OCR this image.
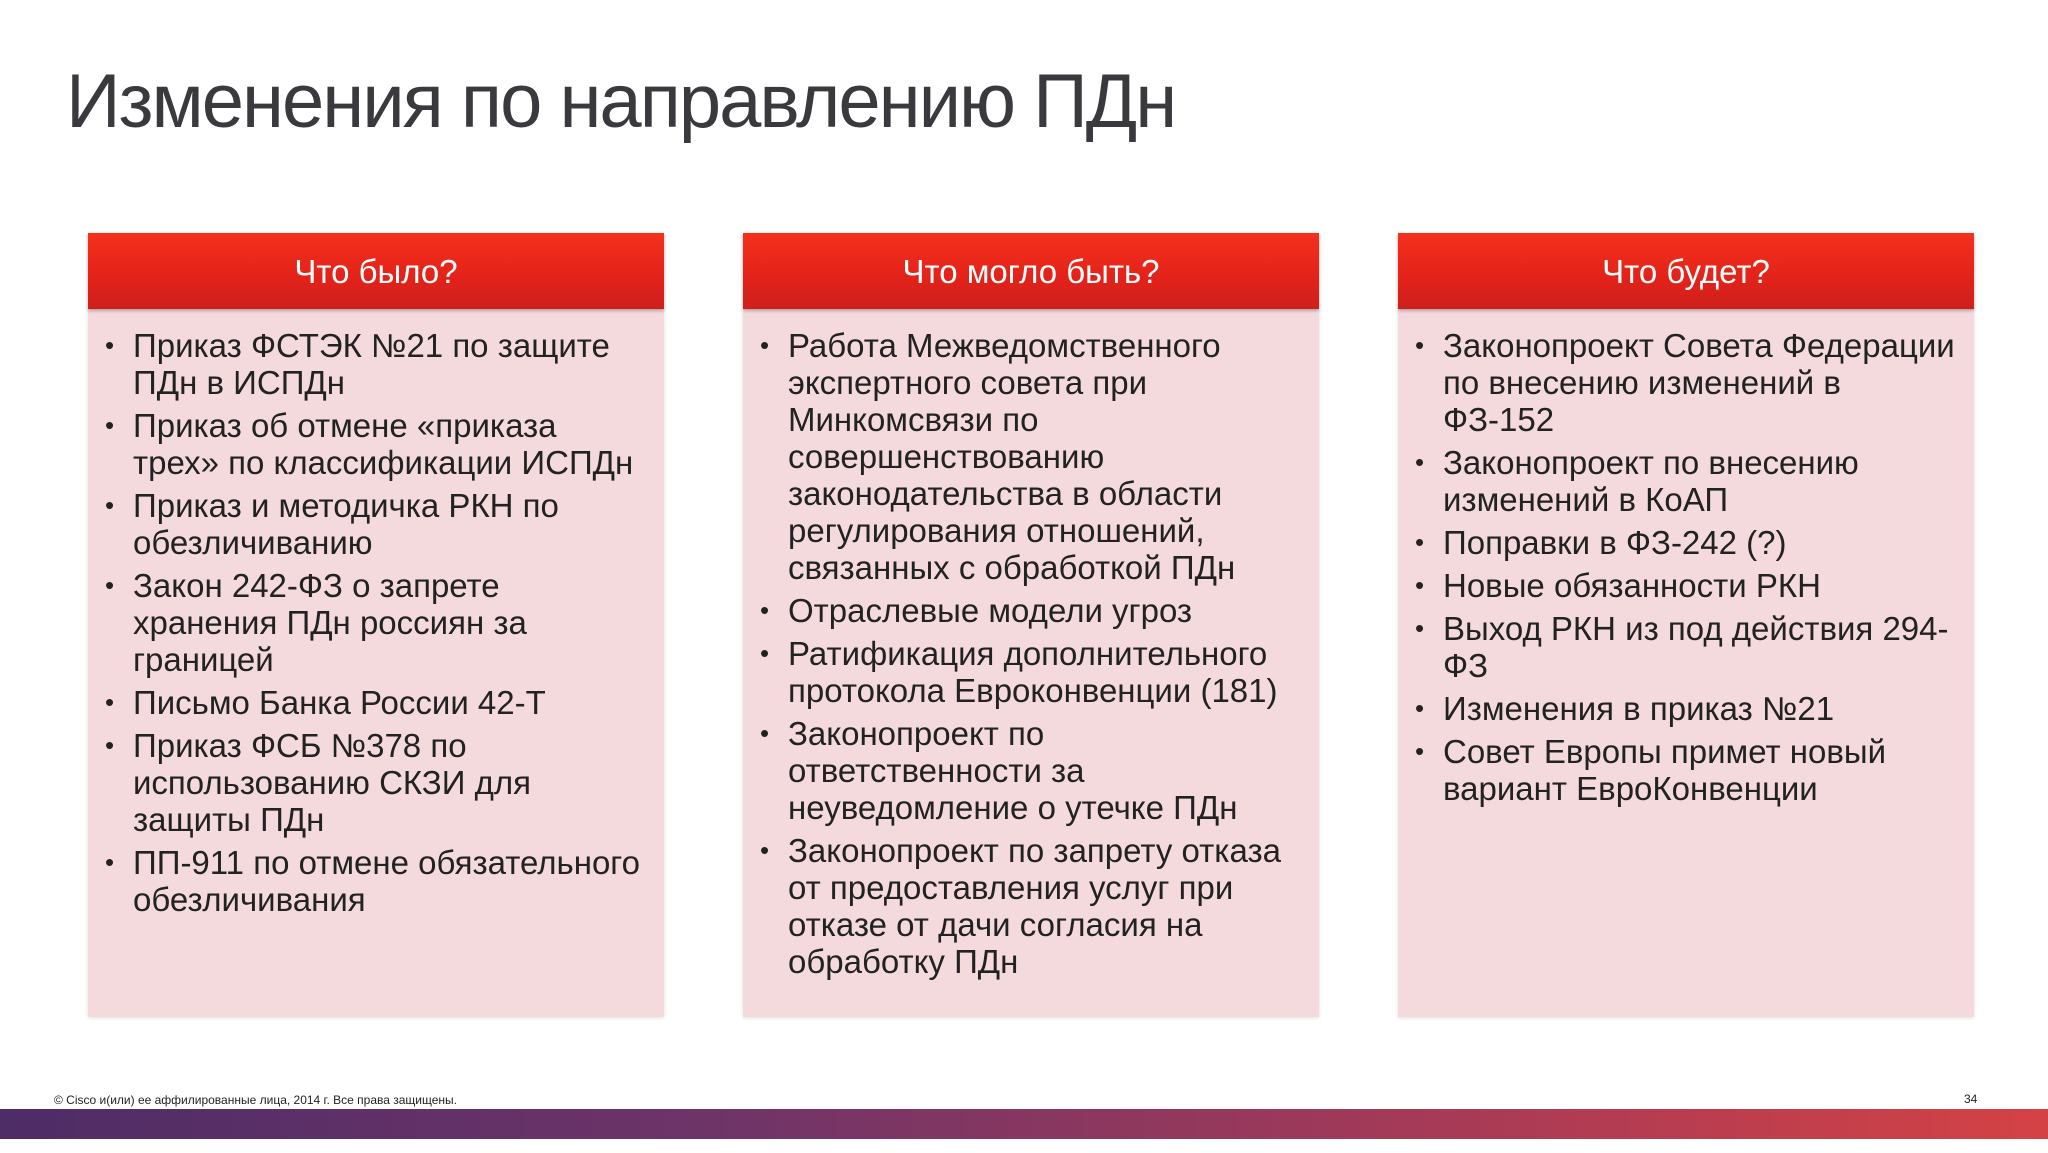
Изменения по направлению ПДн
Что было?
• Приказ ФСТЭК №21 по защите ПДн в ИСПДн
• Приказ об отмене «приказа трех» по классификации ИСПДн
• Приказ и методичка РКН по обезличиванию
• Закон 242-ФЗ о запрете хранения ПДн россиян за границей
• Письмо Банка России 42-Т
• Приказ ФСБ №378 по использованию СКЗИ для защиты ПДн
• ПП-911 по отмене обязательного обезличивания
Что могло быть?
• Работа Межведомственного экспертного совета при Минкомсвязи по совершенствованию законодательства в области регулирования отношений, связанных с обработкой ПДн
• Отраслевые модели угроз
• Ратификация дополнительного протокола Евроконвенции (181)
• Законопроект по ответственности за неуведомление о утечке ПДн
• Законопроект по запрету отказа от предоставления услуг при отказе от дачи согласия на обработку ПДн
Что будет?
• Законопроект Совета Федерации по внесению изменений в ФЗ-152
• Законопроект по внесению изменений в КоАП
• Поправки в ФЗ-242 (?)
• Новые обязанности РКН
• Выход РКН из под действия 294-ФЗ
• Изменения в приказ №21
• Совет Европы примет новый вариант ЕвроКонвенции
© Cisco и(или) ее аффилированные лица, 2014 г. Все права защищены.	34
